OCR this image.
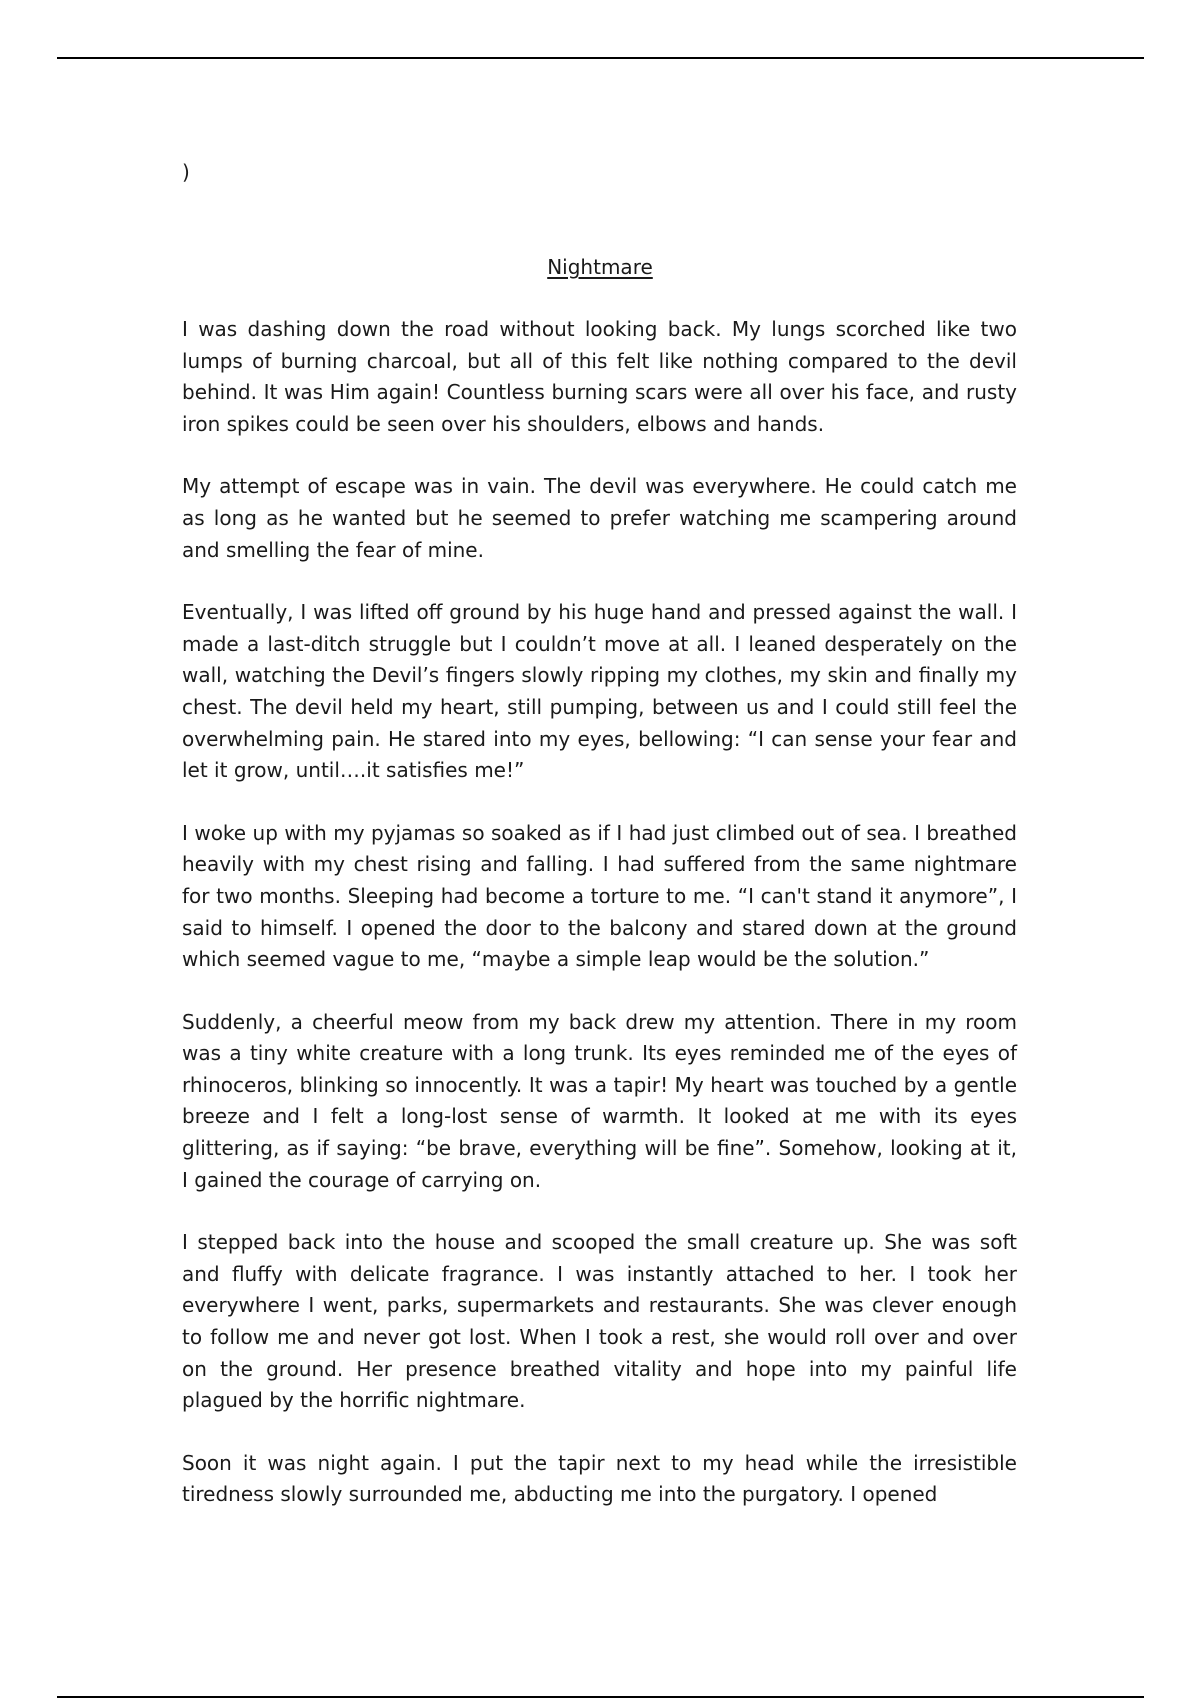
)
Nightmare

I was dashing down the road without looking back. My lungs scorched like two lumps of burning charcoal, but all of this felt like nothing compared to the devil behind. It was Him again! Countless burning scars were all over his face, and rusty iron spikes could be seen over his shoulders, elbows and hands.

My attempt of escape was in vain. The devil was everywhere. He could catch me as long as he wanted but he seemed to prefer watching me scampering around and smelling the fear of mine.

Eventually, I was lifted off ground by his huge hand and pressed against the wall. I made a last-ditch struggle but I couldn’t move at all. I leaned desperately on the wall, watching the Devil’s fingers slowly ripping my clothes, my skin and finally my chest. The devil held my heart, still pumping, between us and I could still feel the overwhelming pain. He stared into my eyes, bellowing: “I can sense your fear and let it grow, until….it satisfies me!”

I woke up with my pyjamas so soaked as if I had just climbed out of sea. I breathed heavily with my chest rising and falling. I had suffered from the same nightmare for two months. Sleeping had become a torture to me. “I can't stand it anymore”, I said to himself. I opened the door to the balcony and stared down at the ground which seemed vague to me, “maybe a simple leap would be the solution.”

Suddenly, a cheerful meow from my back drew my attention. There in my room was a tiny white creature with a long trunk. Its eyes reminded me of the eyes of rhinoceros, blinking so innocently. It was a tapir! My heart was touched by a gentle breeze and I felt a long-lost sense of warmth. It looked at me with its eyes glittering, as if saying: “be brave, everything will be fine”. Somehow, looking at it, I gained the courage of carrying on.

I stepped back into the house and scooped the small creature up. She was soft and fluffy with delicate fragrance. I was instantly attached to her. I took her everywhere I went, parks, supermarkets and restaurants. She was clever enough to follow me and never got lost. When I took a rest, she would roll over and over on the ground. Her presence breathed vitality and hope into my painful life plagued by the horrific nightmare.

Soon it was night again. I put the tapir next to my head while the irresistible tiredness slowly surrounded me, abducting me into the purgatory. I opened
